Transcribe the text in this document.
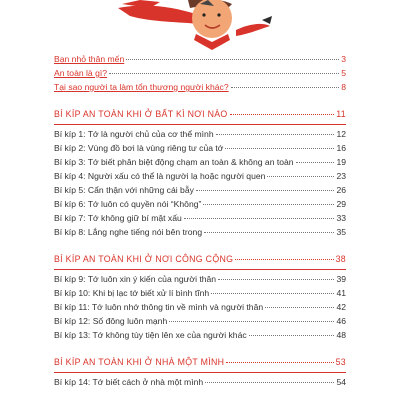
Bạn nhỏ thân mến	3
An toàn là gì?	5
Tại sao người ta làm tổn thương người khác?	8
BÍ KÍP AN TOÀN KHI Ở BẤT KÌ NƠI NÀO	11
Bí kíp 1: Tớ là người chủ của cơ thể mình	12
Bí kíp 2: Vùng đồ bơi là vùng riêng tư của tớ	16
Bí kíp 3: Tớ biết phân biệt động chạm an toàn & không an toàn	19
Bí kíp 4: Người xấu có thể là người lạ hoặc người quen	23
Bí kíp 5: Cẩn thận với những cái bẫy	26
Bí kíp 6: Tớ luôn có quyền nói “Không”	29
Bí kíp 7: Tớ không giữ bí mật xấu	33
Bí kíp 8: Lắng nghe tiếng nói bên trong	35
BÍ KÍP AN TOÀN KHI Ở NƠI CÔNG CỘNG	38
Bí kíp 9: Tớ luôn xin ý kiến của người thân	39
Bí kíp 10: Khi bị lạc tớ biết xử lí bình tĩnh	41
Bí kíp 11: Tớ luôn nhớ thông tin về mình và người thân	42
Bí kíp 12: Số đông luôn mạnh	46
Bí kíp 13: Tớ không tùy tiện lên xe của người khác	48
BÍ KÍP AN TOÀN KHI Ở NHÀ MỘT MÌNH	53
Bí kíp 14: Tớ biết cách ở nhà một mình	54
